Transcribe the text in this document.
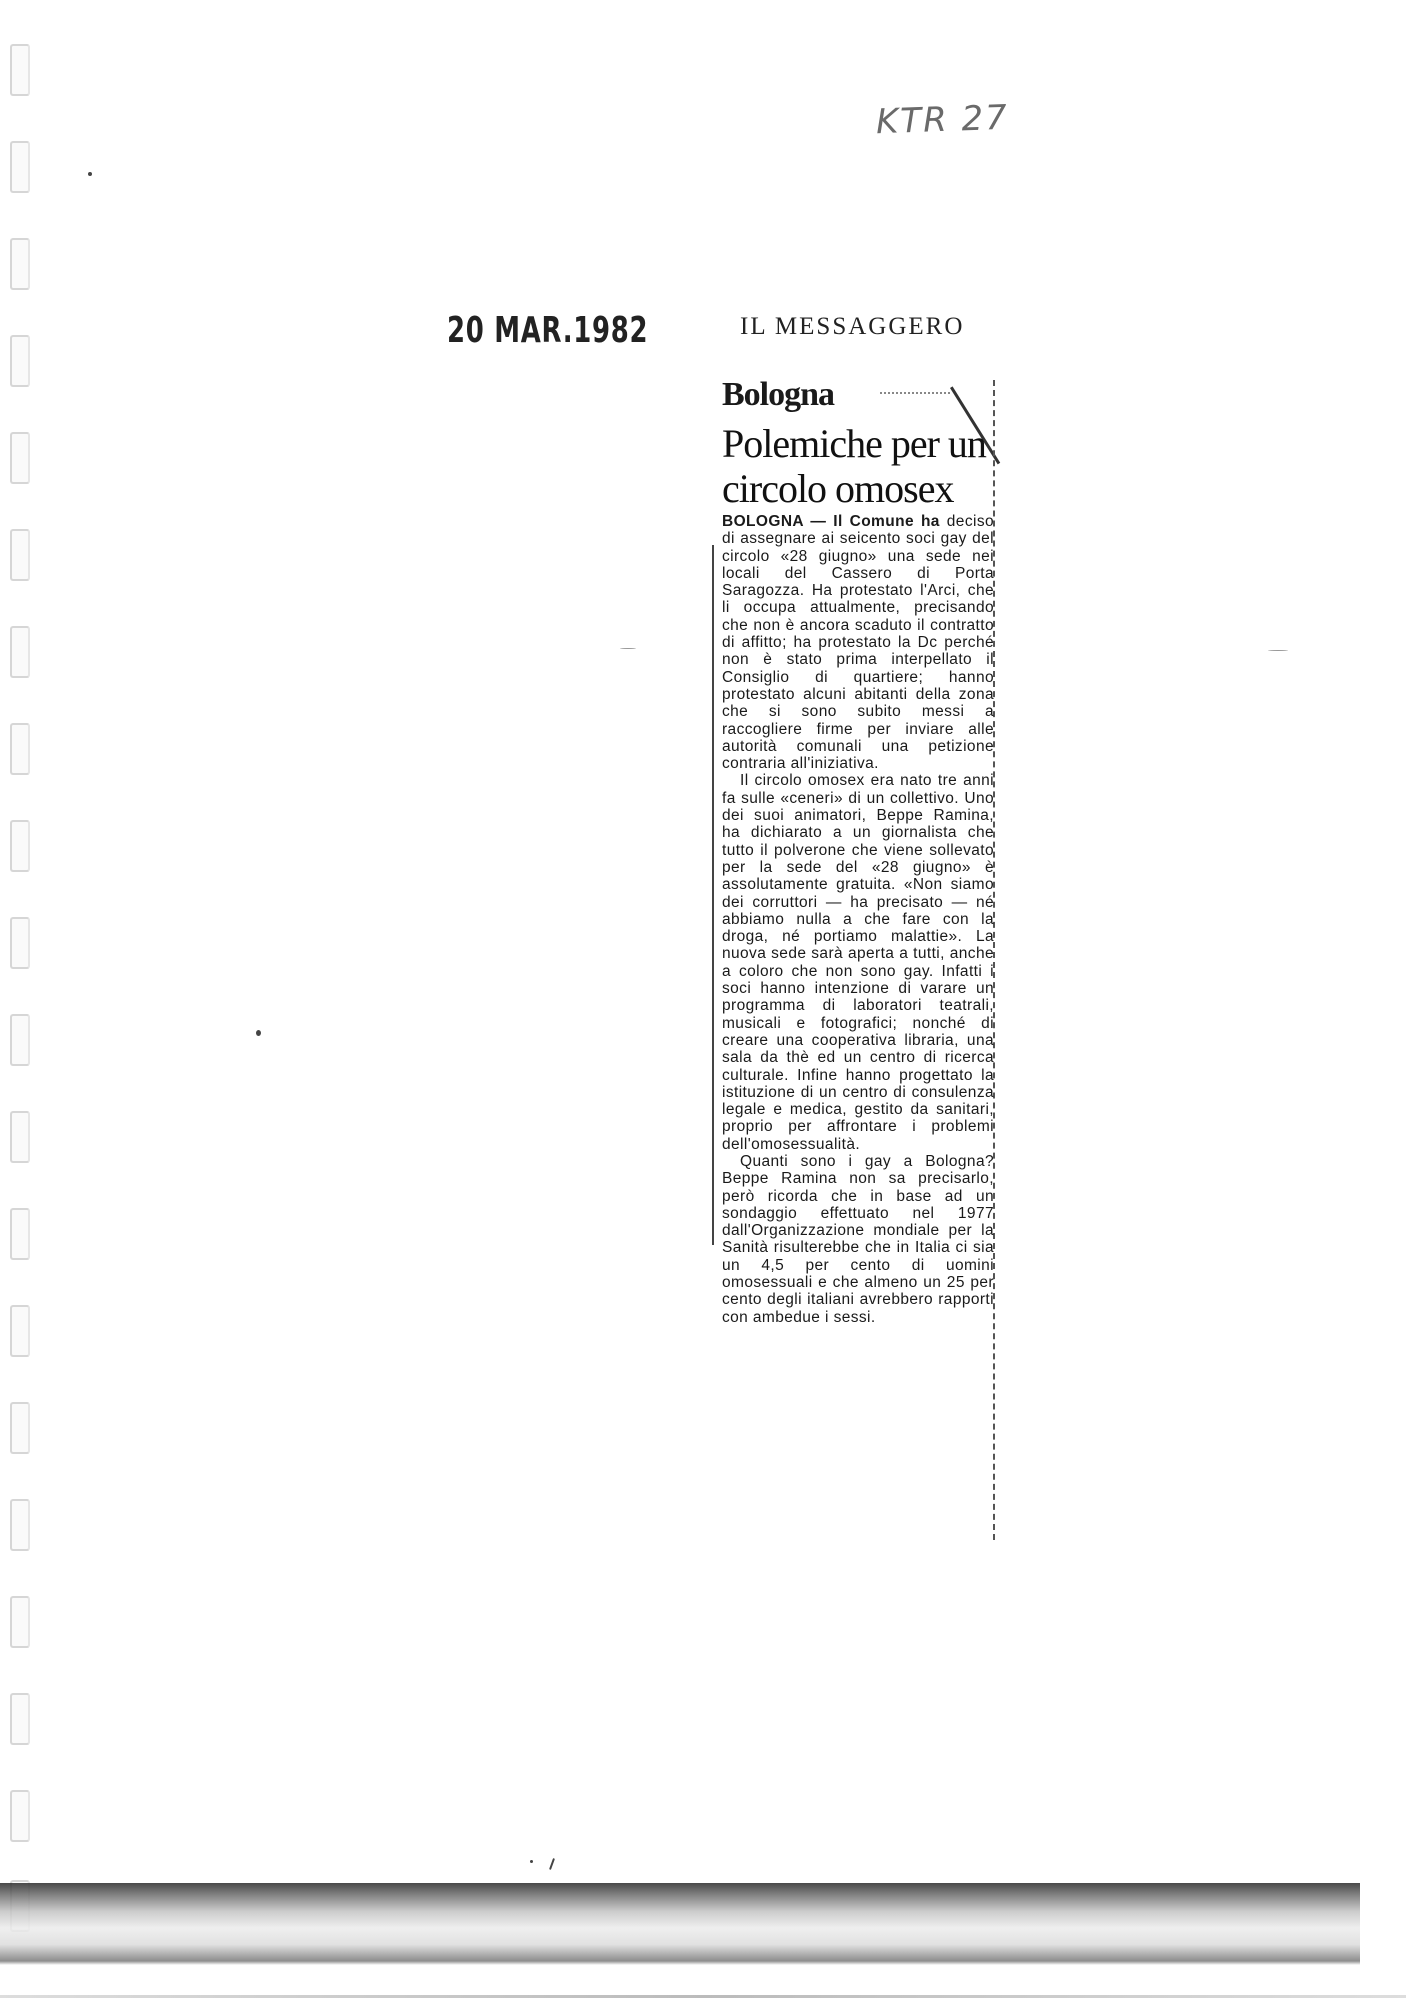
KTR 27
20 MAR.1982	IL MESSAGGERO
Bologna
Polemiche per un circolo omosex

BOLOGNA — Il Comune ha deciso di assegnare ai seicento soci gay del circolo «28 giugno» una sede nei locali del Cassero di Porta Saragozza. Ha protestato l'Arci, che li occupa attualmente, precisando che non è ancora scaduto il contratto di affitto; ha protestato la Dc perché non è stato prima interpellato il Consiglio di quartiere; hanno protestato alcuni abitanti della zona che si sono subito messi a raccogliere firme per inviare alle autorità comunali una petizione contraria all'iniziativa.

Il circolo omosex era nato tre anni fa sulle «ceneri» di un collettivo. Uno dei suoi animatori, Beppe Ramina, ha dichiarato a un giornalista che tutto il polverone che viene sollevato per la sede del «28 giugno» è assolutamente gratuita. «Non siamo dei corruttori — ha precisato — né abbiamo nulla a che fare con la droga, né portiamo malattie». La nuova sede sarà aperta a tutti, anche a coloro che non sono gay. Infatti i soci hanno intenzione di varare un programma di laboratori teatrali, musicali e fotografici; nonché di creare una cooperativa libraria, una sala da thè ed un centro di ricerca culturale. Infine hanno progettato la istituzione di un centro di consulenza legale e medica, gestito da sanitari, proprio per affrontare i problemi dell'omosessualità.

Quanti sono i gay a Bologna? Beppe Ramina non sa precisarlo, però ricorda che in base ad un sondaggio effettuato nel 1977 dall'Organizzazione mondiale per la Sanità risulterebbe che in Italia ci sia un 4,5 per cento di uomini omosessuali e che almeno un 25 per cento degli italiani avrebbero rapporti con ambedue i sessi.
